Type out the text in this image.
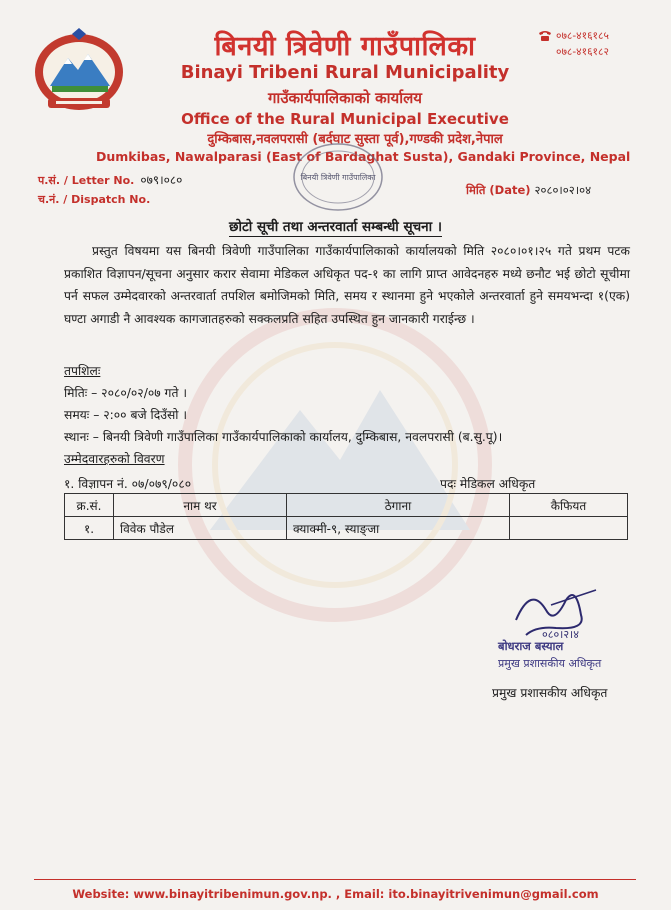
बिनयी त्रिवेणी गाउँपालिका
Binayi Tribeni Rural Municipality
गाउँकार्यपालिकाको कार्यालय
Office of the Rural Municipal Executive
दुम्किबास,नवलपरासी (बर्दघाट सुस्ता पूर्व),गण्डकी प्रदेश,नेपाल
Dumkibas, Nawalparasi (East of Bardaghat Susta), Gandaki Province, Nepal
०७८-४१६१८५
०७८-४१६१८२
प.सं. / Letter No. ०७९।०८०
च.नं. / Dispatch No.
मिति (Date) २०८०।०२।०४
बिनयी त्रिवेणी गाउँपालिका
छोटो सूची तथा अन्तरवार्ता सम्बन्धी सूचना ।
प्रस्तुत विषयमा यस बिनयी त्रिवेणी गाउँपालिका गाउँकार्यपालिकाको कार्यालयको मिति २०८०।०१।२५ गते प्रथम पटक प्रकाशित विज्ञापन/सूचना अनुसार करार सेवामा मेडिकल अधिकृत पद-१ का लागि प्राप्त आवेदनहरु मध्ये छनौट भई छोटो सूचीमा पर्न सफल उम्मेदवारको अन्तरवार्ता तपशिल बमोजिमको मिति, समय र स्थानमा हुने भएकोले अन्तरवार्ता हुने समयभन्दा १(एक) घण्टा अगाडी नै आवश्यक कागजातहरुको सक्कलप्रति सहित उपस्थित हुन जानकारी गराईन्छ ।
तपशिलः
मितिः – २०८०/०२/०७ गते ।
समयः – २:०० बजे दिउँसो ।
स्थानः – बिनयी त्रिवेणी गाउँपालिका गाउँकार्यपालिकाको कार्यालय, दुम्किबास, नवलपरासी (ब.सु.पू)।
उम्मेदवारहरुको विवरण
१. विज्ञापन नं. ०७/०७९/०८०	पदः मेडिकल अधिकृत
क्र.सं.	नाम थर	ठेगाना	कैफियत
१.	विवेक पौडेल	क्याक्मी-९, स्याङ्जा	
०८०।२।४
बोधराज बस्याल
प्रमुख प्रशासकीय अधिकृत
प्रमुख प्रशासकीय अधिकृत
Website: www.binayitribenimun.gov.np. , Email: ito.binayitrivenimun@gmail.com
